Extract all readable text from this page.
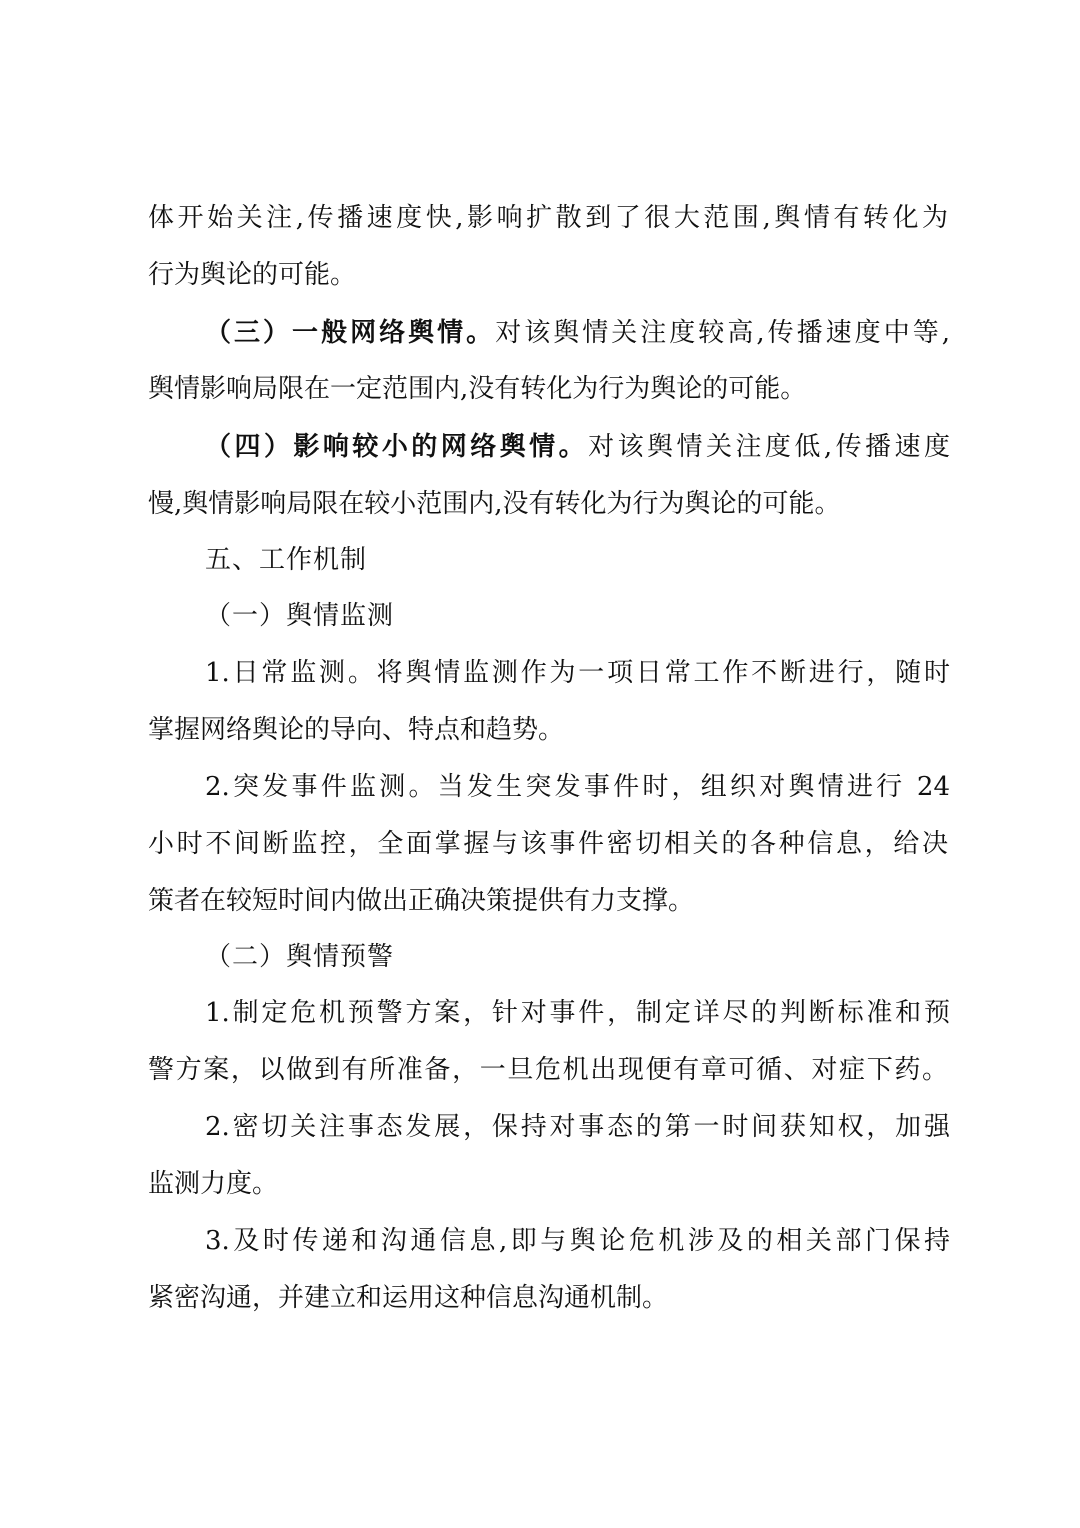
体开始关注,传播速度快,影响扩散到了很大范围,舆情有转化为
行为舆论的可能。
（三）一般网络舆情。对该舆情关注度较高,传播速度中等,
舆情影响局限在一定范围内,没有转化为行为舆论的可能。
（四）影响较小的网络舆情。对该舆情关注度低,传播速度
慢,舆情影响局限在较小范围内,没有转化为行为舆论的可能。
五、工作机制
（一）舆情监测
1.日常监测。将舆情监测作为一项日常工作不断进行，随时
掌握网络舆论的导向、特点和趋势。
2.突发事件监测。当发生突发事件时，组织对舆情进行 24
小时不间断监控，全面掌握与该事件密切相关的各种信息，给决
策者在较短时间内做出正确决策提供有力支撑。
（二）舆情预警
1.制定危机预警方案，针对事件，制定详尽的判断标准和预
警方案，以做到有所准备，一旦危机出现便有章可循、对症下药。
2.密切关注事态发展，保持对事态的第一时间获知权，加强
监测力度。
3.及时传递和沟通信息,即与舆论危机涉及的相关部门保持
紧密沟通，并建立和运用这种信息沟通机制。
